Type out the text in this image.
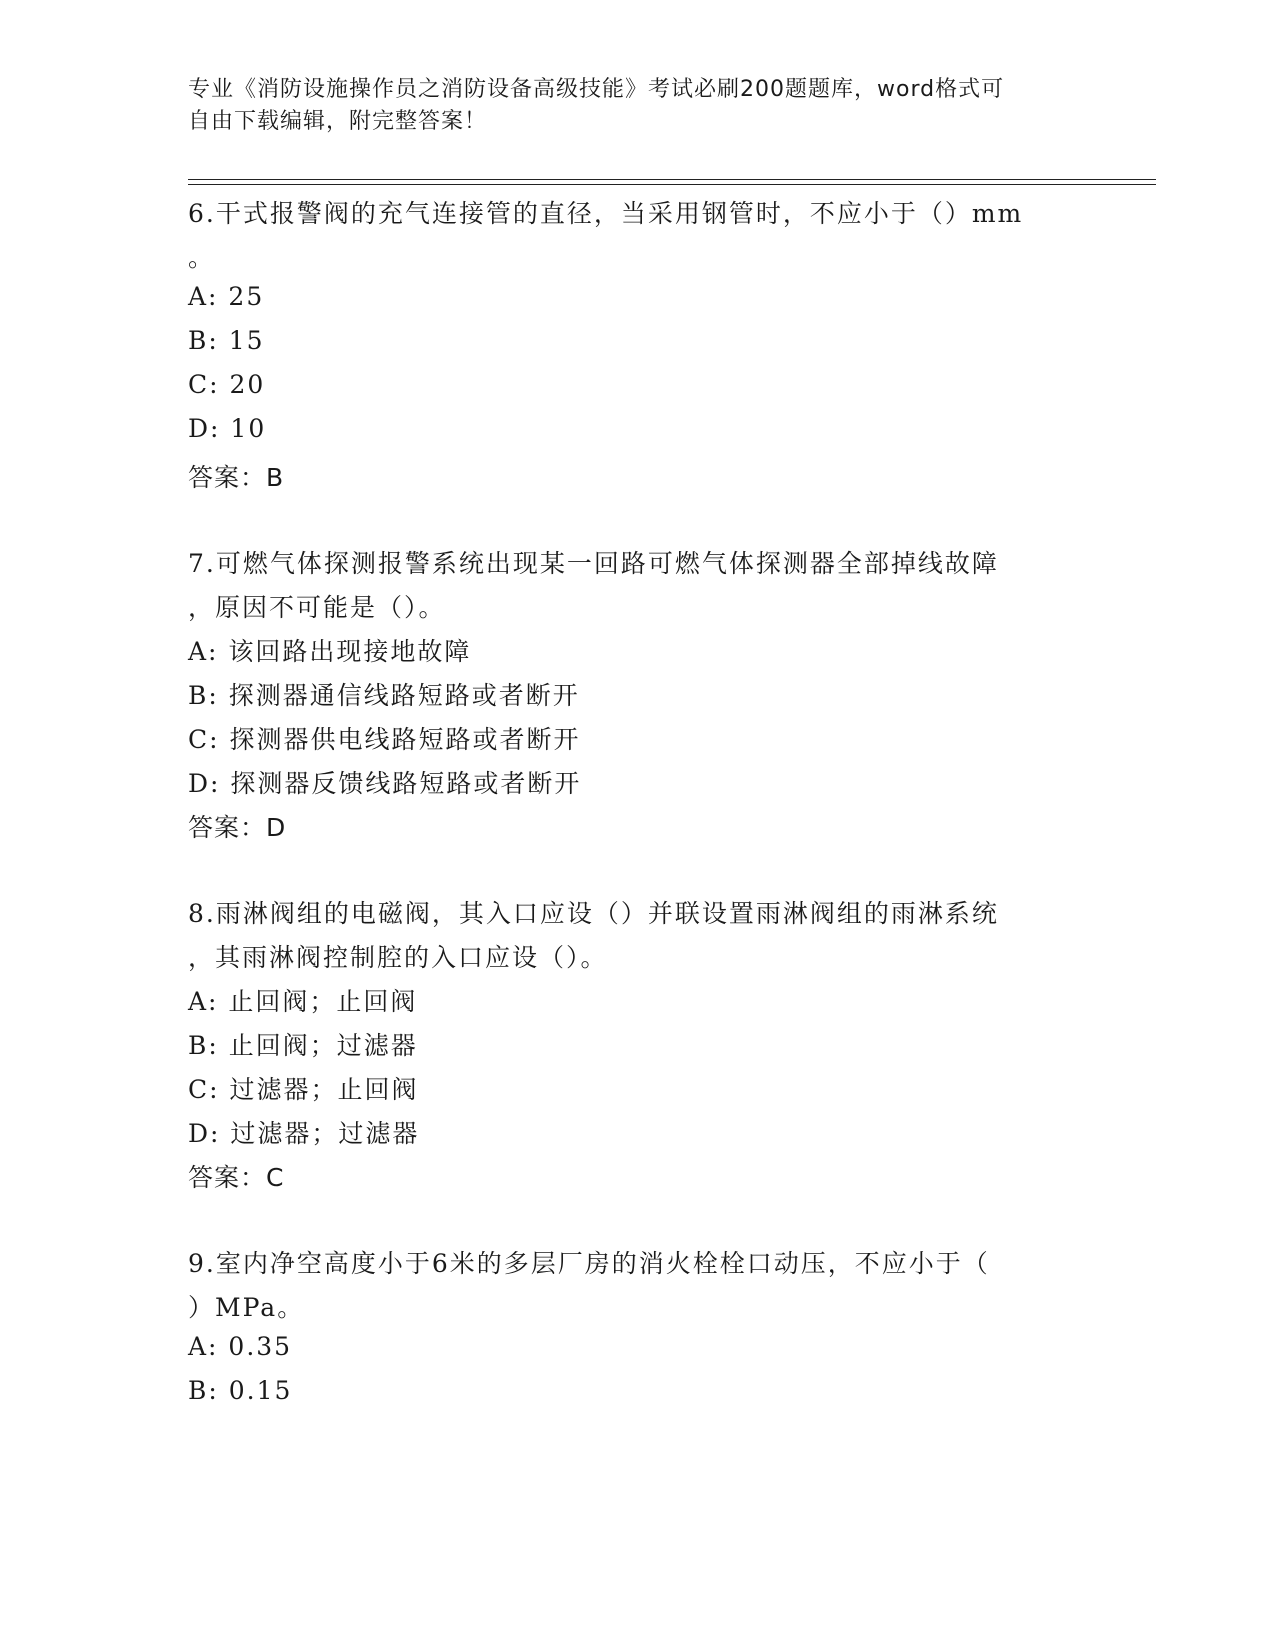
专业《消防设施操作员之消防设备高级技能》考试必刷200题题库，word格式可
自由下载编辑，附完整答案！
6.干式报警阀的充气连接管的直径，当采用钢管时，不应小于（）mm
。
A: 25
B: 15
C: 20
D: 10
答案：B
7.可燃气体探测报警系统出现某一回路可燃气体探测器全部掉线故障
，原因不可能是（）。
A: 该回路出现接地故障
B: 探测器通信线路短路或者断开
C: 探测器供电线路短路或者断开
D: 探测器反馈线路短路或者断开
答案：D
8.雨淋阀组的电磁阀，其入口应设（）并联设置雨淋阀组的雨淋系统
，其雨淋阀控制腔的入口应设（）。
A: 止回阀；止回阀
B: 止回阀；过滤器
C: 过滤器；止回阀
D: 过滤器；过滤器
答案：C
9.室内净空高度小于6米的多层厂房的消火栓栓口动压，不应小于（
）MPa。
A: 0.35
B: 0.15
